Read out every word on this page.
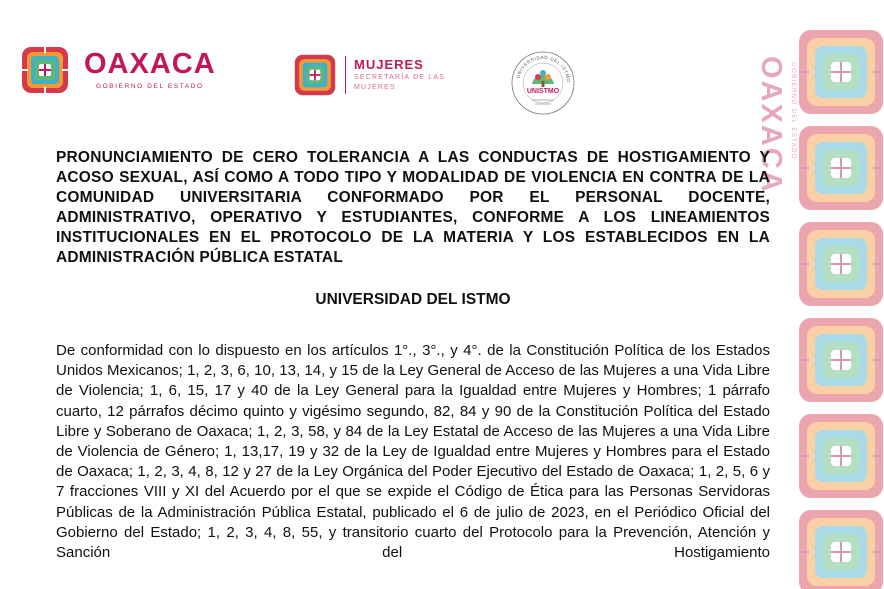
OAXACA
GOBIERNO DEL ESTADO
MUJERES
SECRETARÍA DE LAS
MUJERES
UNIVERSIDAD DEL ISTMO
UNISTMO	OAXACA GOBIERNO DEL ESTADO
PRONUNCIAMIENTO DE CERO TOLERANCIA A LAS CONDUCTAS DE HOSTIGAMIENTO Y ACOSO SEXUAL, ASÍ COMO A TODO TIPO Y MODALIDAD DE VIOLENCIA EN CONTRA DE LA COMUNIDAD UNIVERSITARIA CONFORMADO POR EL PERSONAL DOCENTE, ADMINISTRATIVO, OPERATIVO Y ESTUDIANTES, CONFORME A LOS LINEAMIENTOS INSTITUCIONALES EN EL PROTOCOLO DE LA MATERIA Y LOS ESTABLECIDOS EN LA ADMINISTRACIÓN PÚBLICA ESTATAL
UNIVERSIDAD DEL ISTMO
De conformidad con lo dispuesto en los artículos 1°., 3°., y 4°. de la Constitución Política de los Estados Unidos Mexicanos; 1, 2, 3, 6, 10, 13, 14, y 15 de la Ley General de Acceso de las Mujeres a una Vida Libre de Violencia; 1, 6, 15, 17 y 40 de la Ley General para la Igualdad entre Mujeres y Hombres; 1 párrafo cuarto, 12 párrafos décimo quinto y vigésimo segundo, 82, 84 y 90 de la Constitución Política del Estado Libre y Soberano de Oaxaca; 1, 2, 3, 58, y 84 de la Ley Estatal de Acceso de las Mujeres a una Vida Libre de Violencia de Género; 1, 13,17, 19 y 32 de la Ley de Igualdad entre Mujeres y Hombres para el Estado de Oaxaca; 1, 2, 3, 4, 8, 12 y 27 de la Ley Orgánica del Poder Ejecutivo del Estado de Oaxaca; 1, 2, 5, 6 y 7 fracciones VIII y XI del Acuerdo por el que se expide el Código de Ética para las Personas Servidoras Públicas de la Administración Pública Estatal, publicado el 6 de julio de 2023, en el Periódico Oficial del Gobierno del Estado; 1, 2, 3, 4, 8, 55, y transitorio cuarto del Protocolo para la Prevención, Atención y Sanción del Hostigamiento
